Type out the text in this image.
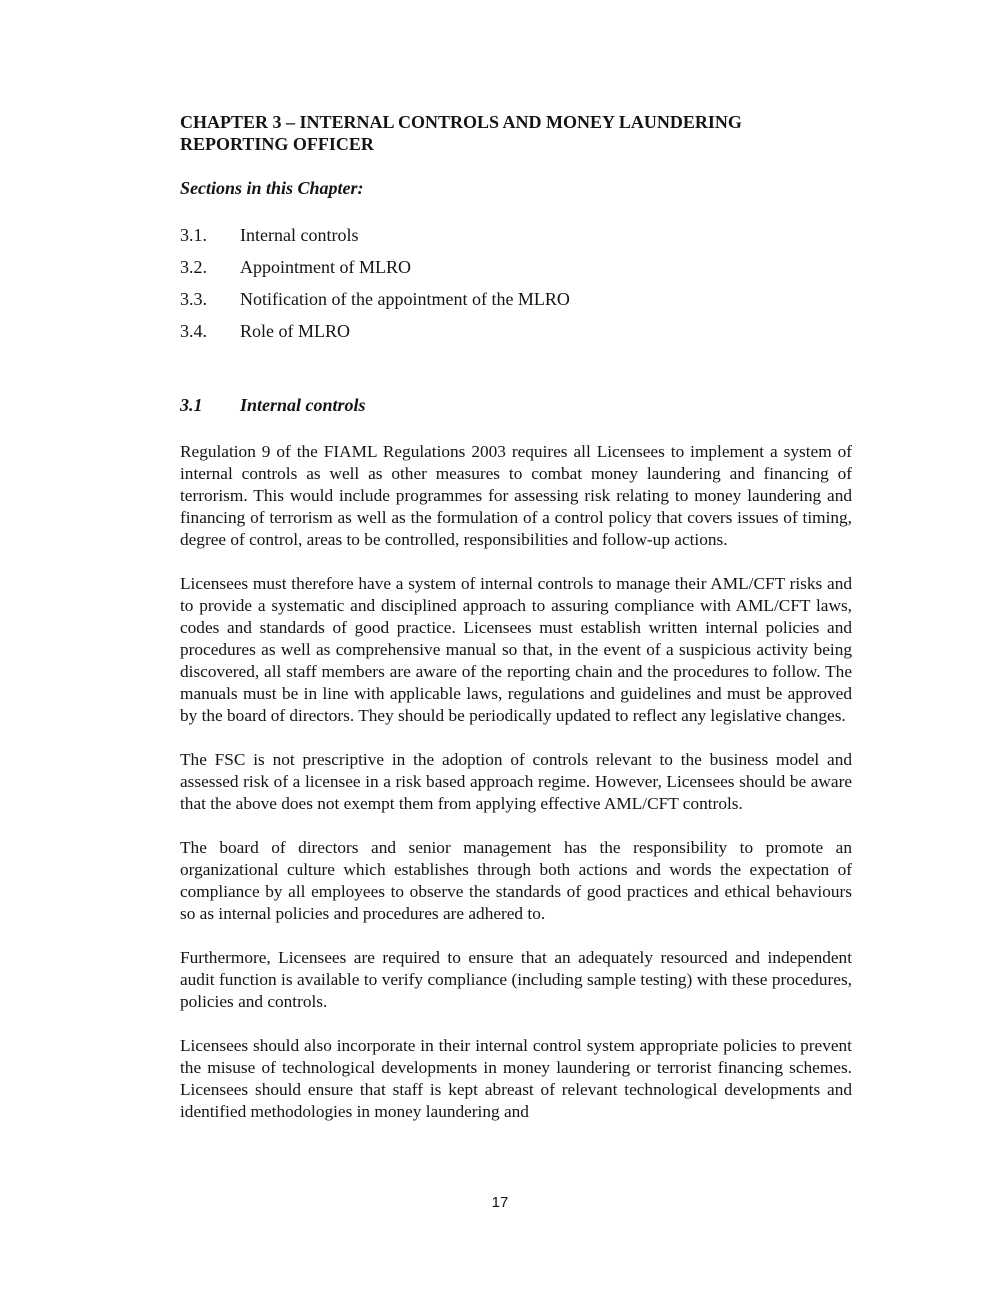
CHAPTER 3 – INTERNAL CONTROLS AND MONEY LAUNDERING
REPORTING OFFICER
Sections in this Chapter:
3.1. Internal controls
3.2. Appointment of MLRO
3.3. Notification of the appointment of the MLRO
3.4. Role of MLRO
3.1 Internal controls

Regulation 9 of the FIAML Regulations 2003 requires all Licensees to implement a system of internal controls as well as other measures to combat money laundering and financing of terrorism. This would include programmes for assessing risk relating to money laundering and financing of terrorism as well as the formulation of a control policy that covers issues of timing, degree of control, areas to be controlled, responsibilities and follow-up actions.

Licensees must therefore have a system of internal controls to manage their AML/CFT risks and to provide a systematic and disciplined approach to assuring compliance with AML/CFT laws, codes and standards of good practice. Licensees must establish written internal policies and procedures as well as comprehensive manual so that, in the event of a suspicious activity being discovered, all staff members are aware of the reporting chain and the procedures to follow. The manuals must be in line with applicable laws, regulations and guidelines and must be approved by the board of directors. They should be periodically updated to reflect any legislative changes.

The FSC is not prescriptive in the adoption of controls relevant to the business model and assessed risk of a licensee in a risk based approach regime. However, Licensees should be aware that the above does not exempt them from applying effective AML/CFT controls.

The board of directors and senior management has the responsibility to promote an organizational culture which establishes through both actions and words the expectation of compliance by all employees to observe the standards of good practices and ethical behaviours so as internal policies and procedures are adhered to.

Furthermore, Licensees are required to ensure that an adequately resourced and independent audit function is available to verify compliance (including sample testing) with these procedures, policies and controls.

Licensees should also incorporate in their internal control system appropriate policies to prevent the misuse of technological developments in money laundering or terrorist financing schemes. Licensees should ensure that staff is kept abreast of relevant technological developments and identified methodologies in money laundering and

17
